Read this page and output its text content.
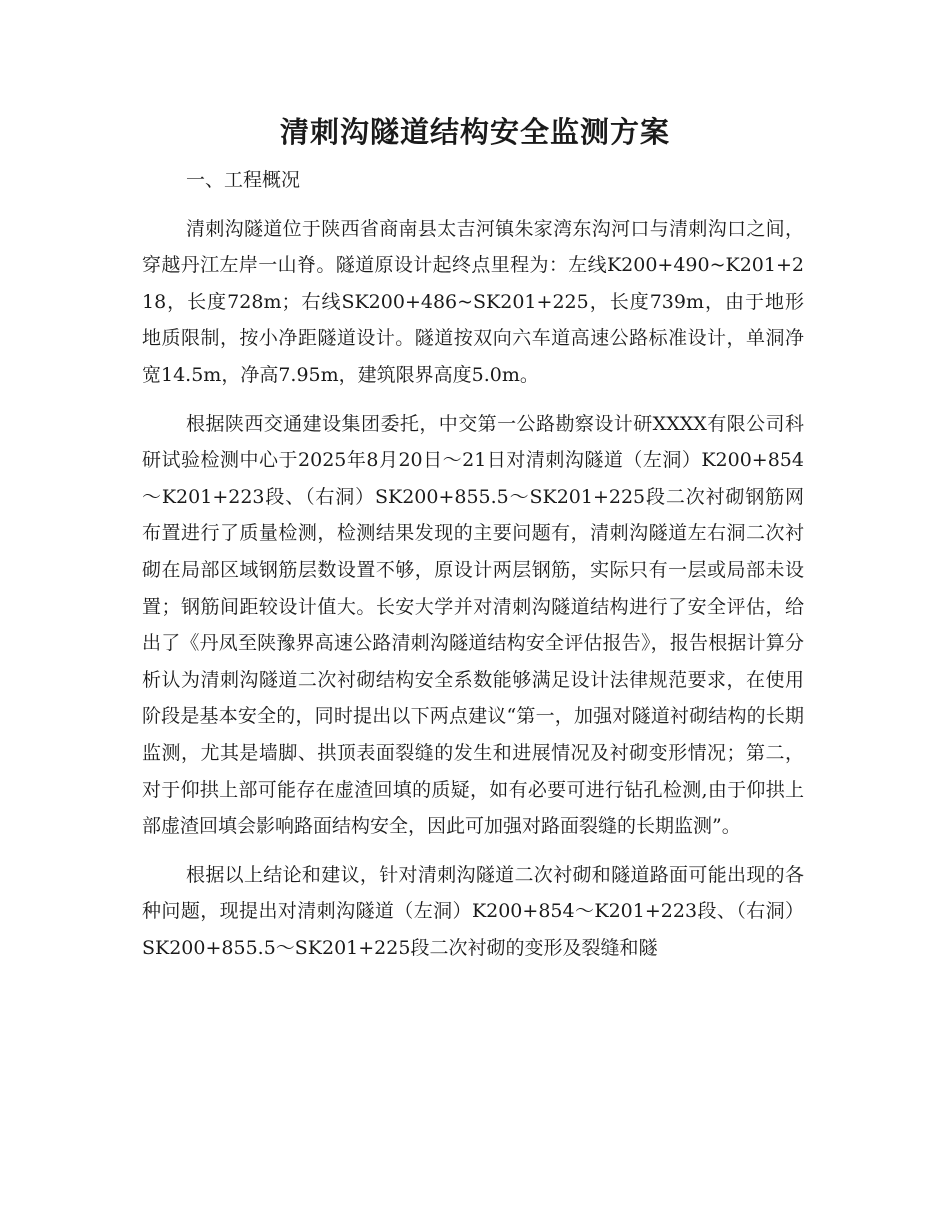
清刺沟隧道结构安全监测方案

一、工程概况

清刺沟隧道位于陕西省商南县太吉河镇朱家湾东沟河口与清刺沟口之间，穿越丹江左岸一山脊。隧道原设计起终点里程为：左线K200+490~K201+218，长度728m；右线SK200+486~SK201+225，长度739m，由于地形地质限制，按小净距隧道设计。隧道按双向六车道高速公路标准设计，单洞净宽14.5m，净高7.95m，建筑限界高度5.0m。

根据陕西交通建设集团委托，中交第一公路勘察设计研XXXX有限公司科研试验检测中心于2025年8月20日～21日对清刺沟隧道（左洞）K200+854～K201+223段、（右洞）SK200+855.5～SK201+225段二次衬砌钢筋网布置进行了质量检测，检测结果发现的主要问题有，清刺沟隧道左右洞二次衬砌在局部区域钢筋层数设置不够，原设计两层钢筋，实际只有一层或局部未设置；钢筋间距较设计值大。长安大学并对清刺沟隧道结构进行了安全评估，给出了《丹凤至陕豫界高速公路清刺沟隧道结构安全评估报告》，报告根据计算分析认为清刺沟隧道二次衬砌结构安全系数能够满足设计法律规范要求，在使用阶段是基本安全的，同时提出以下两点建议“第一，加强对隧道衬砌结构的长期监测，尤其是墙脚、拱顶表面裂缝的发生和进展情况及衬砌变形情况；第二，对于仰拱上部可能存在虚渣回填的质疑，如有必要可进行钻孔检测,由于仰拱上部虚渣回填会影响路面结构安全，因此可加强对路面裂缝的长期监测”。

根据以上结论和建议，针对清刺沟隧道二次衬砌和隧道路面可能出现的各种问题，现提出对清刺沟隧道（左洞）K200+854～K201+223段、（右洞）SK200+855.5～SK201+225段二次衬砌的变形及裂缝和隧
